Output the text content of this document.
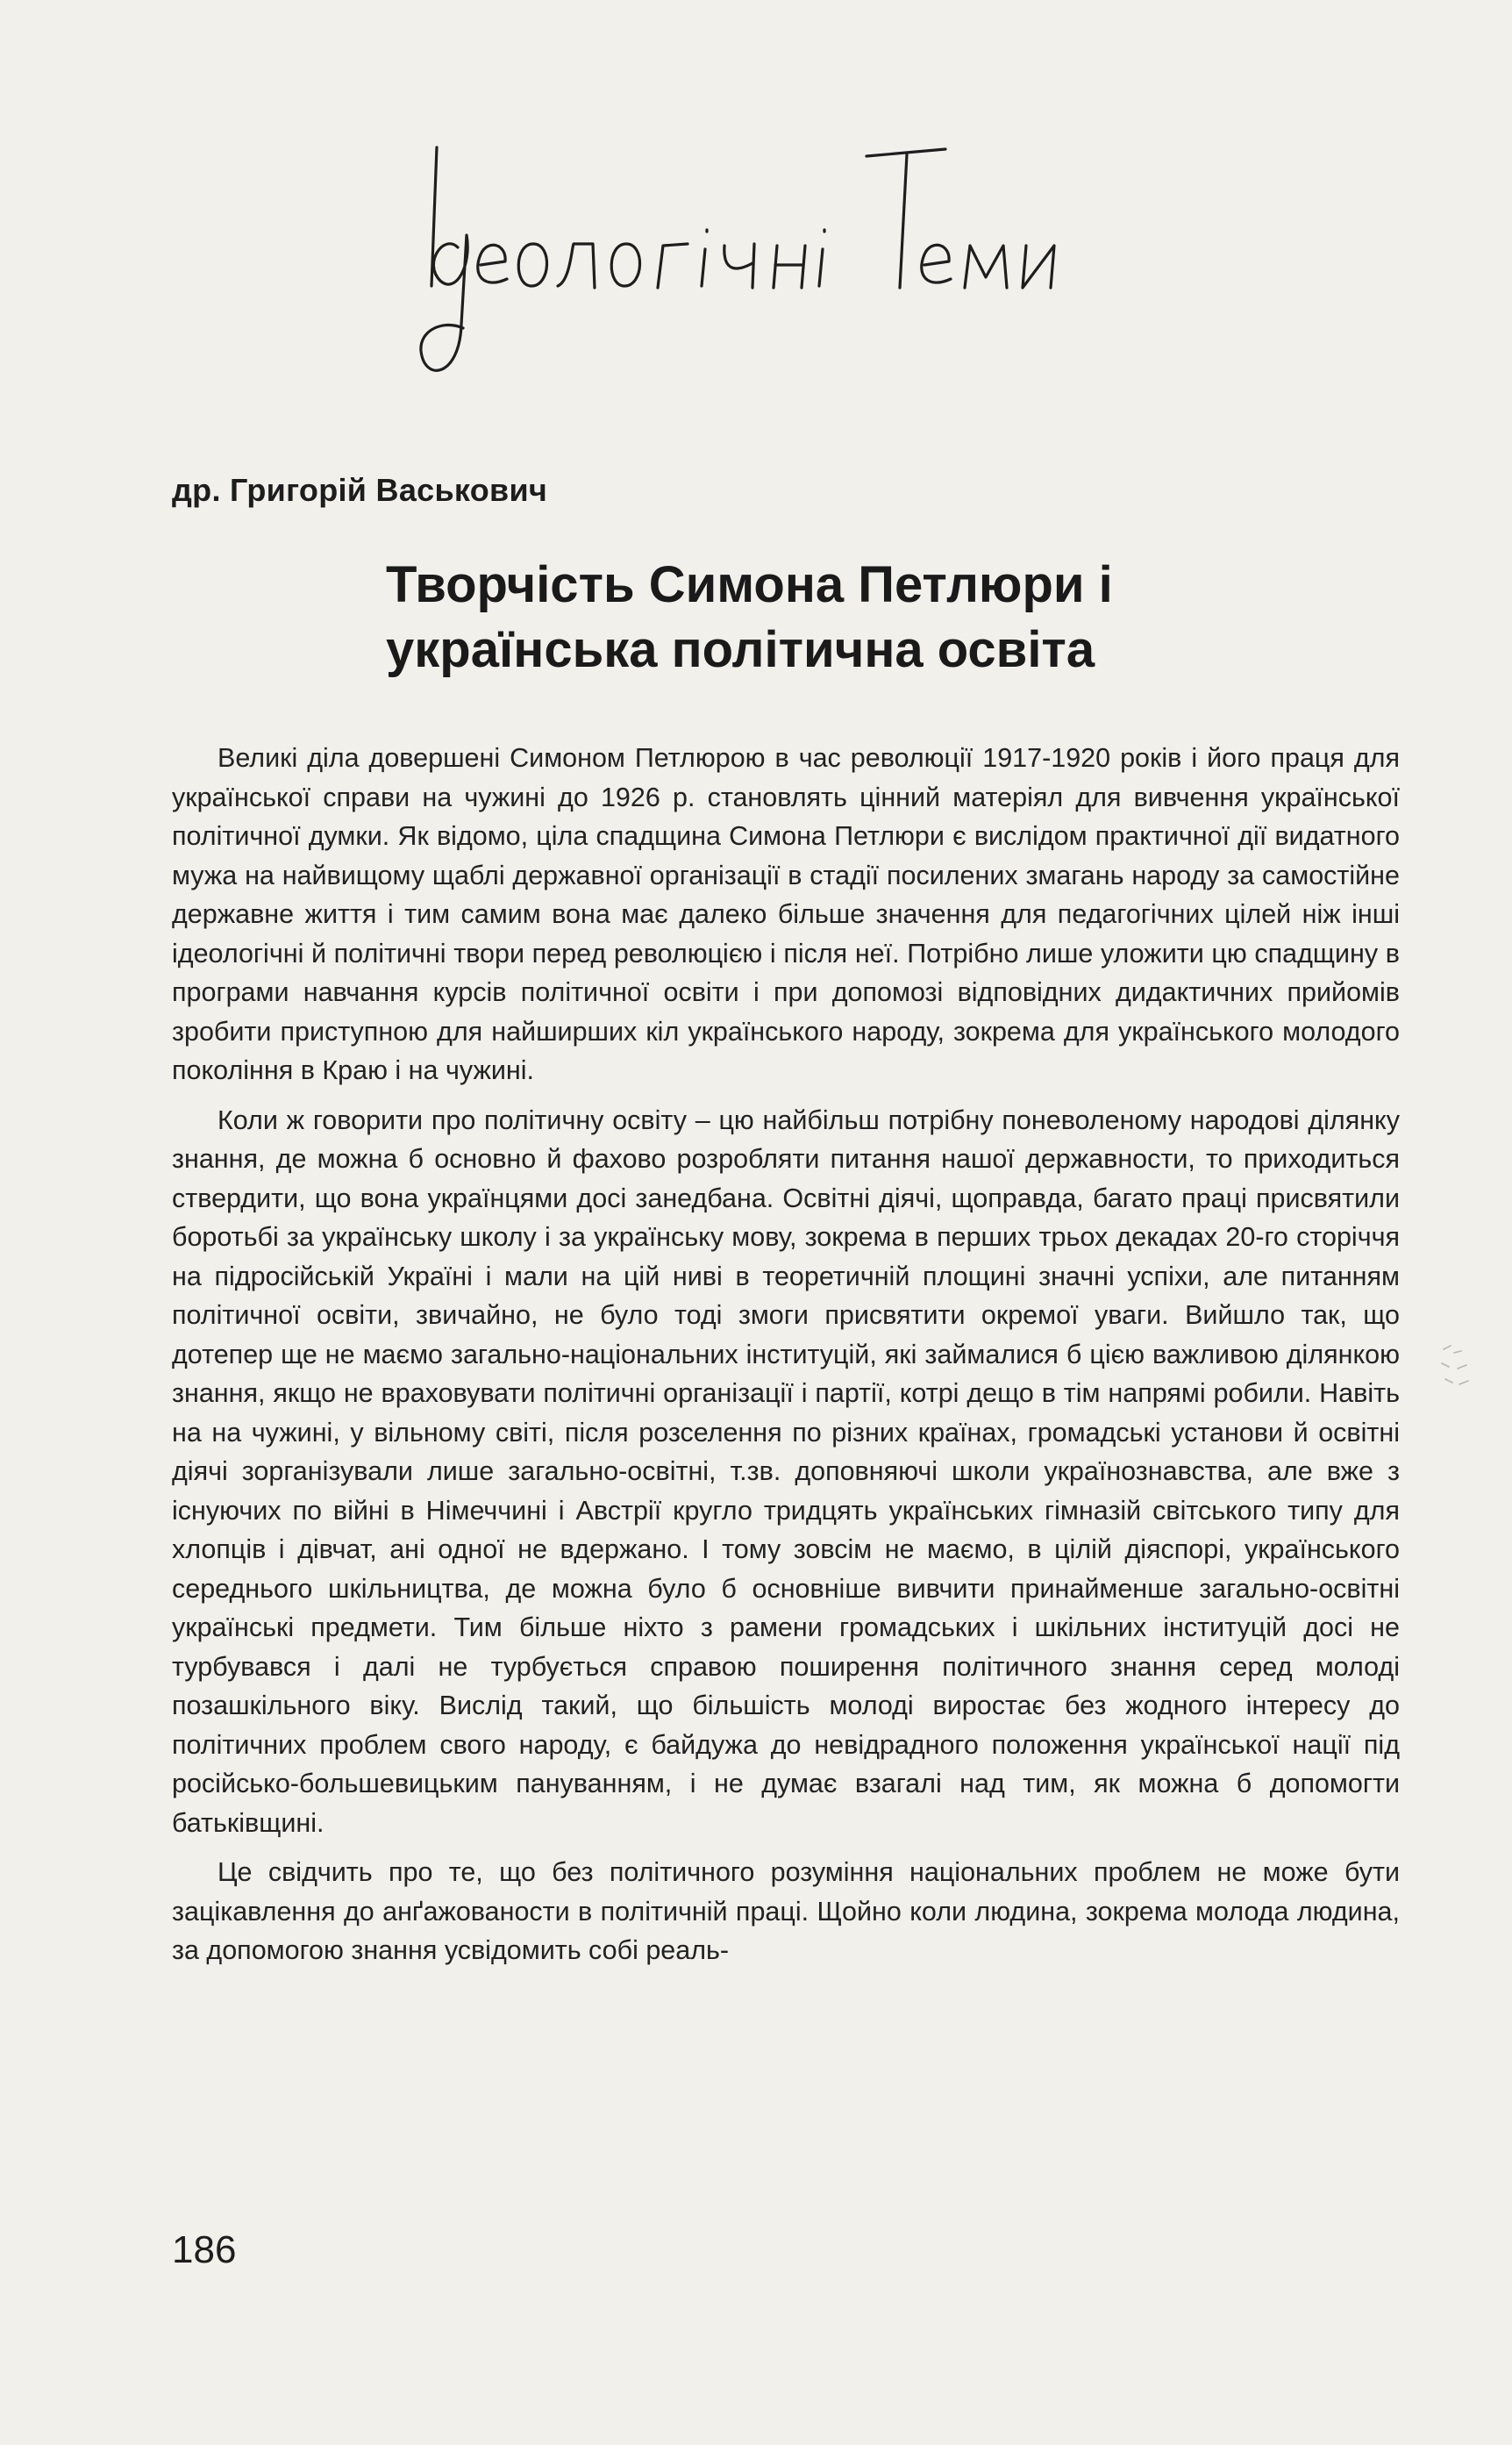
др. Григорій Васькович
Творчість Симона Петлюри і
українська політична освіта

Великі діла довершені Симоном Петлюрою в час революції 1917-1920 років і його праця для української справи на чужині до 1926 р. становлять цінний матеріял для вивчення української політичної думки. Як відомо, ціла спадщина Симона Петлюри є вислідом практичної дії видатного мужа на найвищому щаблі державної організації в стадії посилених змагань народу за самостійне державне життя і тим самим вона має далеко більше значення для педагогічних цілей ніж інші ідеологічні й політичні твори перед революцією і після неї. Потрібно лише уложити цю спадщину в програми навчання курсів політичної освіти і при допомозі відповідних дидактичних прийомів зробити приступною для найширших кіл українського народу, зокрема для українського молодого покоління в Краю і на чужині.

Коли ж говорити про політичну освіту – цю найбільш потрібну поневоленому народові ділянку знання, де можна б основно й фахово розробляти питання нашої державности, то приходиться ствердити, що вона українцями досі занедбана. Освітні діячі, щоправда, багато праці присвятили боротьбі за українську школу і за українську мову, зокрема в перших трьох декадах 20-го сторіччя на підросійській Україні і мали на цій ниві в теоретичній площині значні успіхи, але питанням політичної освіти, звичайно, не було тоді змоги присвятити окремої уваги. Вийшло так, що дотепер ще не маємо загально-національних інституцій, які займалися б цією важливою ділянкою знання, якщо не враховувати політичні організації і партії, котрі дещо в тім напрямі робили. Навіть на на чужині, у вільному світі, після розселення по різних країнах, громадські установи й освітні діячі зорганізували лише загально-освітні, т.зв. доповняючі школи українознавства, але вже з існуючих по війні в Німеччині і Австрії кругло тридцять українських гімназій світського типу для хлопців і дівчат, ані одної не вдержано. І тому зовсім не маємо, в цілій діяспорі, українського середнього шкільництва, де можна було б основніше вивчити принайменше загально-освітні українські предмети. Тим більше ніхто з рамени громадських і шкільних інституцій досі не турбувався і далі не турбується справою поширення політичного знання серед молоді позашкільного віку. Вислід такий, що більшість молоді виростає без жодного інтересу до політичних проблем свого народу, є байдужа до невідрадного положення української нації під російсько-большевицьким пануванням, і не думає взагалі над тим, як можна б допомогти батьківщині.

Це свідчить про те, що без політичного розуміння національних проблем не може бути зацікавлення до анґажованости в політичній праці. Щойно коли людина, зокрема молода людина, за допомогою знання усвідомить собі реаль-

186
